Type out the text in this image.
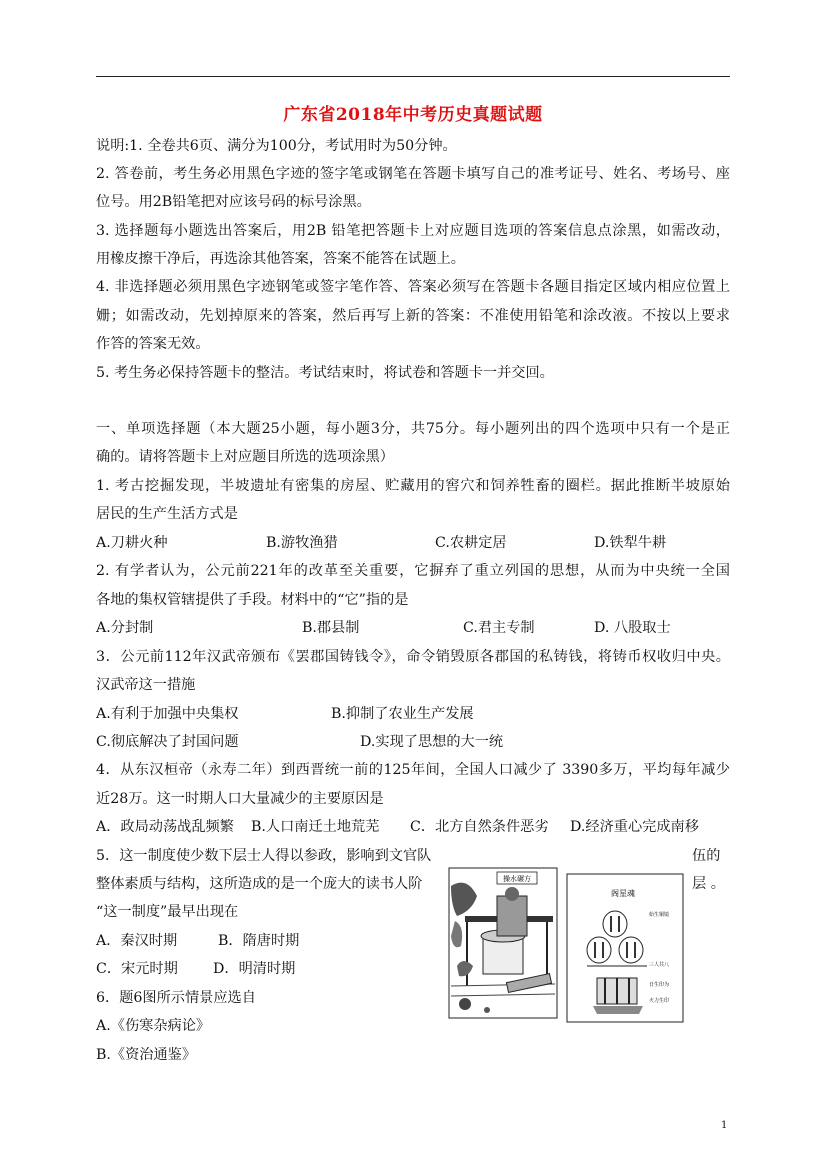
广东省2018年中考历史真题试题
说明:1. 全卷共6页、满分为100分，考试用时为50分钟。
2. 答卷前，考生务必用黑色字迹的签字笔或钢笔在答题卡填写自己的准考证号、姓名、考场号、座
位号。用2B铅笔把对应该号码的标号涂黑。
3. 选择题每小题选出答案后，用2B 铅笔把答题卡上对应题目选项的答案信息点涂黑，如需改动，
用橡皮擦干净后，再选涂其他答案，答案不能答在试题上。
4. 非选择题必须用黑色字迹钢笔或签字笔作答、答案必须写在答题卡各题目指定区域内相应位置上
姗；如需改动，先划掉原来的答案，然后再写上新的答案：不准使用铅笔和涂改液。不按以上要求
作答的答案无效。
5. 考生务必保持答题卡的整洁。考试结束时，将试卷和答题卡一并交回。
一、单项选择题（本大题25小题，每小题3分，共75分。每小题列出的四个选项中只有一个是正
确的。请将答题卡上对应题目所选的选项涂黑）
1. 考古挖掘发现，半坡遗址有密集的房屋、贮藏用的窖穴和饲养牲畜的圈栏。据此推断半坡原始
居民的生产生活方式是
A.刀耕火种	B.游牧渔猎	C.农耕定居	D.铁犁牛耕
2. 有学者认为，公元前221年的改革至关重要，它摒弃了重立列国的思想，从而为中央统一全国
各地的集权管辖提供了手段。材料中的“它”指的是
A.分封制	B.郡县制	C.君主专制	D. 八股取士
3．公元前112年汉武帝颁布《罢郡国铸钱令》，命令销毁原各郡国的私铸钱，将铸币权收归中央。
汉武帝这一措施
A.有利于加强中央集权	B.抑制了农业生产发展
C.彻底解决了封国问题	D.实现了思想的大一统
4．从东汉桓帝（永寿二年）到西晋统一前的125年间，全国人口减少了 3390多万，平均每年减少
近28万。这一时期人口大量减少的主要原因是
A．政局动荡战乱频繁 B.人口南迁土地荒芜 C．北方自然条件恶劣 D.经济重心完成南移
5．这一制度使少数下层士人得以参政，影响到文官队	伍的
整体素质与结构，这所造成的是一个庞大的读书人阶	层 。
“这一制度”最早出现在
A．秦汉时期	B．隋唐时期
C．宋元时期 D．明清时期
6．题6图所示情景应选自
A.《伤寒杂病论》
B.《资治通鉴》
操水碾方
阁星魂
始生铜镜
三人共八
日生印为
火力生印
1
